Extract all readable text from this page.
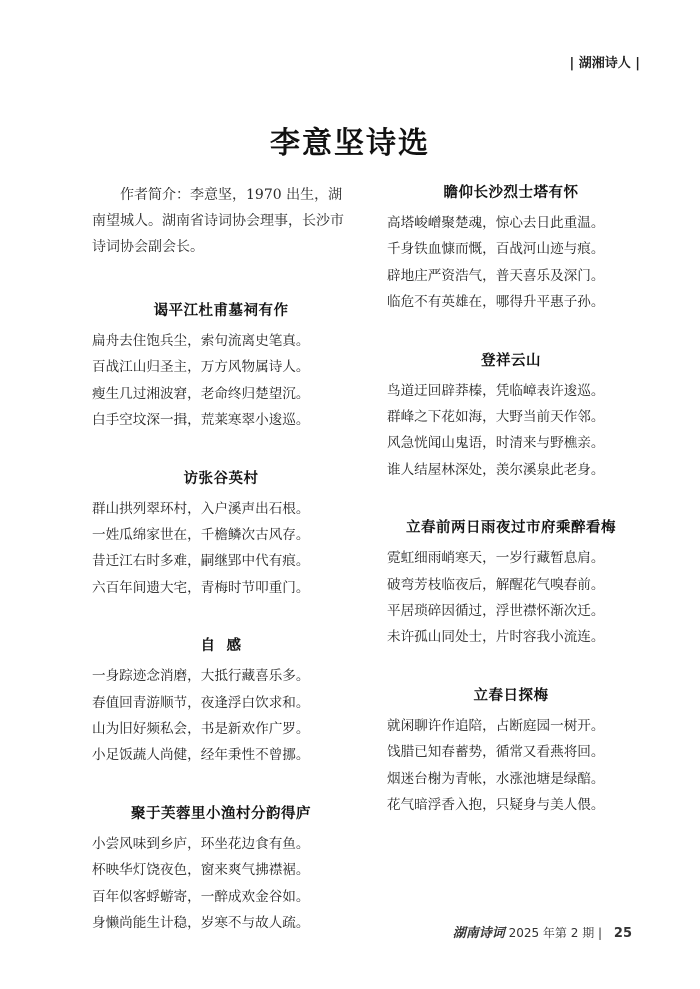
| 湖湘诗人 |
李意坚诗选

作者简介：李意坚，1970 出生，湖南望城人。湖南省诗词协会理事，长沙市诗词协会副会长。

谒平江杜甫墓祠有作
扁舟去住饱兵尘，索句流离史笔真。
百战江山归圣主，万方风物属诗人。
瘦生几过湘波窘，老命终归楚望沉。
白手空坟深一揖，荒莱寒翠小逡巡。
访张谷英村
群山拱列翠环村，入户溪声出石根。
一姓瓜绵家世在，千檐鳞次古风存。
昔迁江右时多难，嗣继郢中代有痕。
六百年间遗大宅，青梅时节叩重门。
自  感
一身踪迹念消磨，大抵行藏喜乐多。
春值回青游顺节，夜逢浮白饮求和。
山为旧好频私会，书是新欢作广罗。
小足饭蔬人尚健，经年秉性不曾挪。
聚于芙蓉里小渔村分韵得庐
小尝风味到乡庐，环坐花边食有鱼。
杯映华灯饶夜色，窗来爽气拂襟裾。
百年似客蜉蝣寄，一醉成欢金谷如。
身懒尚能生计稳，岁寒不与故人疏。
瞻仰长沙烈士塔有怀
高塔峻嶒聚楚魂，惊心去日此重温。
千身铁血慷而慨，百战河山迹与痕。
辟地庄严资浩气，普天喜乐及深门。
临危不有英雄在，哪得升平惠子孙。
登祥云山
鸟道迂回辟莽榛，凭临嶂表许逡巡。
群峰之下花如海，大野当前天作邻。
风急恍闻山鬼语，时清来与野樵亲。
谁人结屋林深处，羡尔溪泉此老身。
立春前两日雨夜过市府乘醉看梅
霓虹细雨峭寒天，一岁行藏暂息肩。
破弯芳枝临夜后，解醒花气嗅春前。
平居琐碎因循过，浮世襟怀渐次迁。
未许孤山同处士，片时容我小流连。
立春日探梅
就闲聊许作追陪，占断庭园一树开。
饯腊已知春蓄势，循常又看燕将回。
烟迷台榭为青帐，水涨池塘是绿醅。
花气暗浮香入抱，只疑身与美人偎。
湖南诗词 2025 年第 2 期 | 25
